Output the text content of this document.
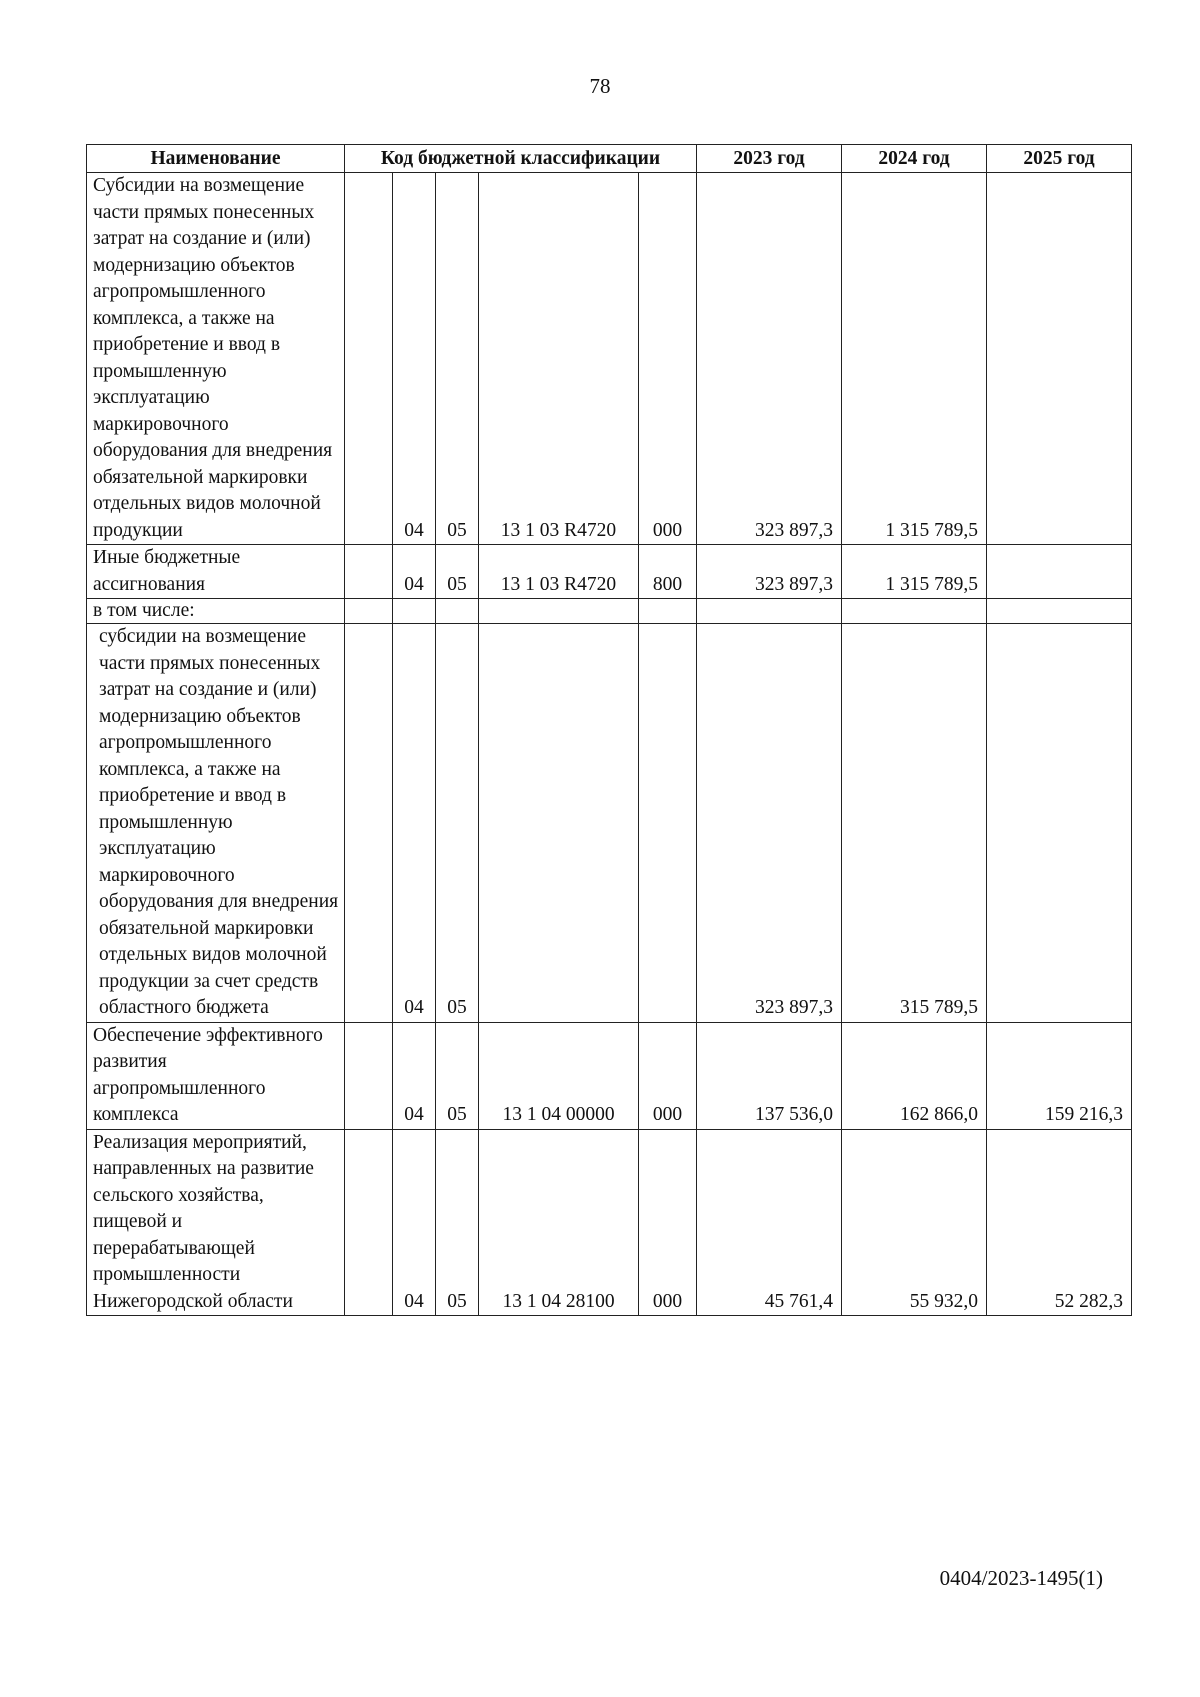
78
Наименование	Код бюджетной классификации					2023 год	2024 год	2025 год
Субсидии на возмещение части прямых понесенных затрат на создание и (или) модернизацию объектов агропромышленного комплекса, а также на приобретение и ввод в промышленную эксплуатацию маркировочного оборудования для внедрения обязательной маркировки отдельных видов молочной продукции		04	05	13 1 03 R4720	000	323 897,3	1 315 789,5	
Иные бюджетные ассигнования		04	05	13 1 03 R4720	800	323 897,3	1 315 789,5	
в том числе:								
субсидии на возмещение части прямых понесенных затрат на создание и (или) модернизацию объектов агропромышленного комплекса, а также на приобретение и ввод в промышленную эксплуатацию маркировочного оборудования для внедрения обязательной маркировки отдельных видов молочной продукции за счет средств областного бюджета		04	05			323 897,3	315 789,5	
Обеспечение эффективного развития агропромышленного комплекса		04	05	13 1 04 00000	000	137 536,0	162 866,0	159 216,3
Реализация мероприятий, направленных на развитие сельского хозяйства, пищевой и перерабатывающей промышленности Нижегородской области		04	05	13 1 04 28100	000	45 761,4	55 932,0	52 282,3
0404/2023-1495(1)
